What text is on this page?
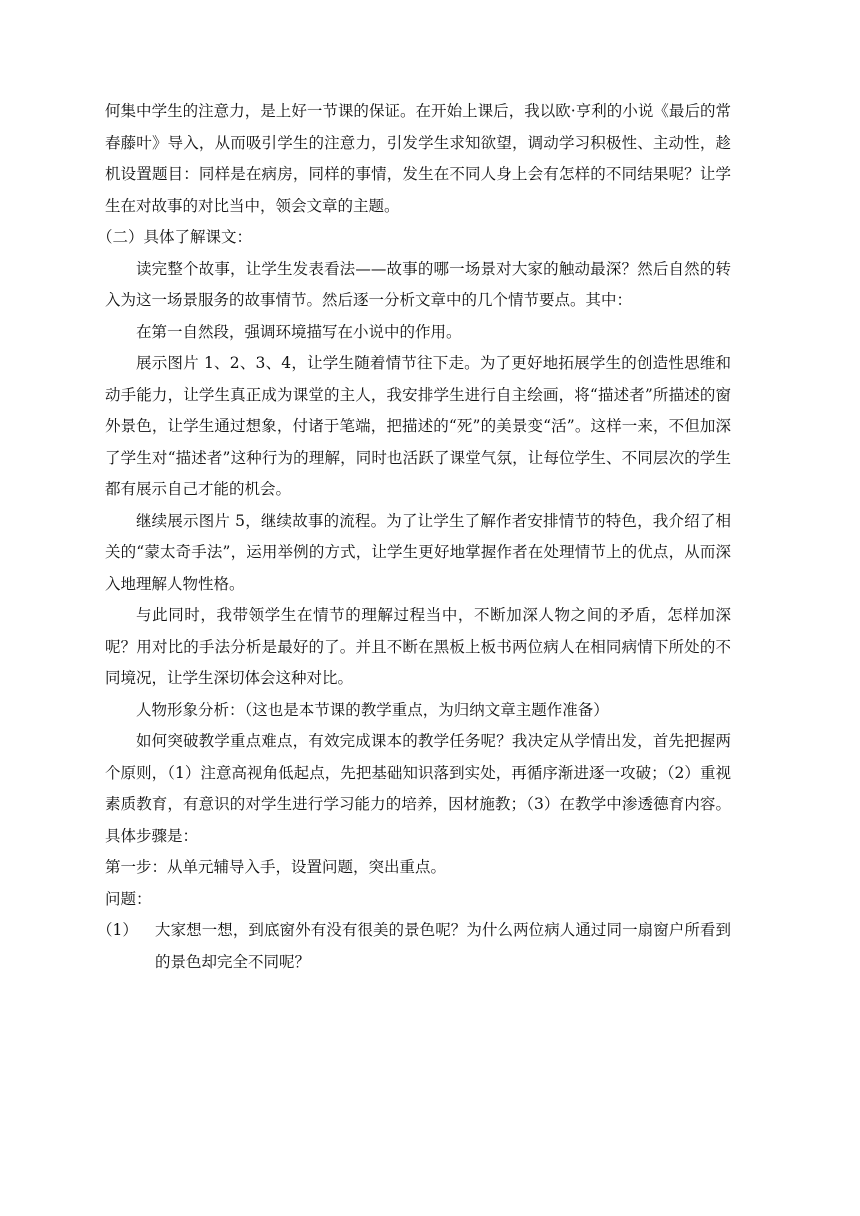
何集中学生的注意力，是上好一节课的保证。在开始上课后，我以欧·亨利的小说《最后的常春藤叶》导入，从而吸引学生的注意力，引发学生求知欲望，调动学习积极性、主动性，趁机设置题目：同样是在病房，同样的事情，发生在不同人身上会有怎样的不同结果呢？让学生在对故事的对比当中，领会文章的主题。

（二）具体了解课文：

读完整个故事，让学生发表看法——故事的哪一场景对大家的触动最深？然后自然的转入为这一场景服务的故事情节。然后逐一分析文章中的几个情节要点。其中：

在第一自然段，强调环境描写在小说中的作用。

展示图片 1、2、3、4，让学生随着情节往下走。为了更好地拓展学生的创造性思维和动手能力，让学生真正成为课堂的主人，我安排学生进行自主绘画，将“描述者”所描述的窗外景色，让学生通过想象，付诸于笔端，把描述的“死”的美景变“活”。这样一来，不但加深了学生对“描述者”这种行为的理解，同时也活跃了课堂气氛，让每位学生、不同层次的学生都有展示自己才能的机会。

继续展示图片 5，继续故事的流程。为了让学生了解作者安排情节的特色，我介绍了相关的“蒙太奇手法”，运用举例的方式，让学生更好地掌握作者在处理情节上的优点，从而深入地理解人物性格。

与此同时，我带领学生在情节的理解过程当中，不断加深人物之间的矛盾，怎样加深呢？用对比的手法分析是最好的了。并且不断在黑板上板书两位病人在相同病情下所处的不同境况，让学生深切体会这种对比。

人物形象分析：（这也是本节课的教学重点，为归纳文章主题作准备）

如何突破教学重点难点，有效完成课本的教学任务呢？我决定从学情出发，首先把握两个原则，（1）注意高视角低起点，先把基础知识落到实处，再循序渐进逐一攻破；（2）重视素质教育，有意识的对学生进行学习能力的培养，因材施教；（3）在教学中渗透德育内容。具体步骤是：

第一步：从单元辅导入手，设置问题，突出重点。

问题：

（1）	大家想一想，到底窗外有没有很美的景色呢？为什么两位病人通过同一扇窗户所看到的景色却完全不同呢？
